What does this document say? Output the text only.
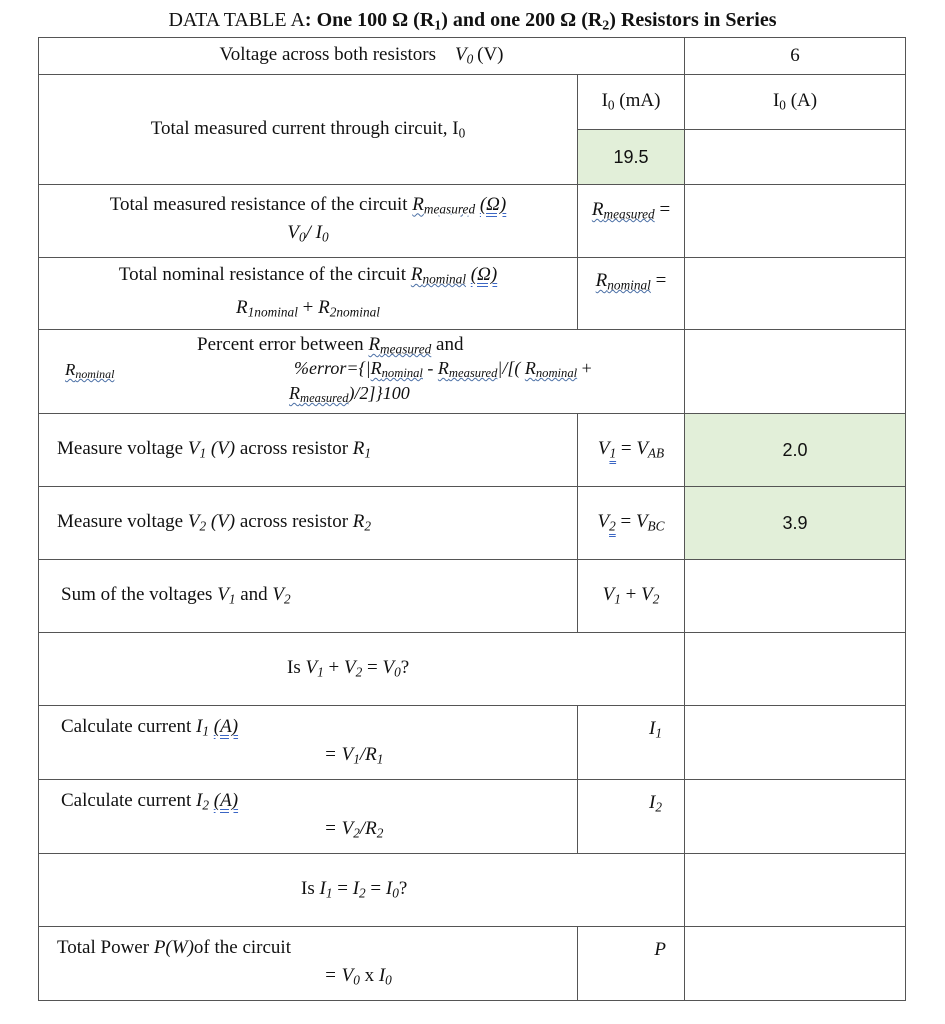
DATA TABLE A: One 100 Ω $(R_1)$ and one 200 Ω $(R_2)$ Resistors in Series
Voltage across both resistors $V_0$  (V)		6
Total measured current through circuit, $I_0$	$I_0$ (mA)	$I_0$ (A)
	19.5	

Total measured resistance of the circuit $R_{measured}$ (Ω)
$V_0/$ $I_0$	$R_{measured}$ =	

Total nominal resistance of the circuit $R_{nominal}$ (Ω)
$R_{1nominal} + R_{2nominal}$	$R_{nominal}$ =	

Percent error between $R_{measured}$ and
$R_{nominal}$ $\%error=\{|R_{nominal} - R_{measured}|/$[( $R_{nominal}$ +
$R_{measured})/2]\}100$		

Measure voltage $V_1$ (V) across resistor $R_1$	$V_1 = V_{AB}$	2.0
Measure voltage $V_2$ (V) across resistor $R_2$	$V_2 = V_{BC}$	3.9
Sum of the voltages $V_1$ and $V_2$	$V_1 + V_2$	

Is $V_1 + V_2 = V_0$?		

Calculate current $I_1$ (A)
= $V_1/R_1$	$I_1$	

Calculate current $I_2$ (A)
= $V_2/R_2$	$I_2$	

Is $I_1 = I_2 = I_0$?		

Total Power P(W)of the circuit
= $V_0$ x $I_0$	P	
